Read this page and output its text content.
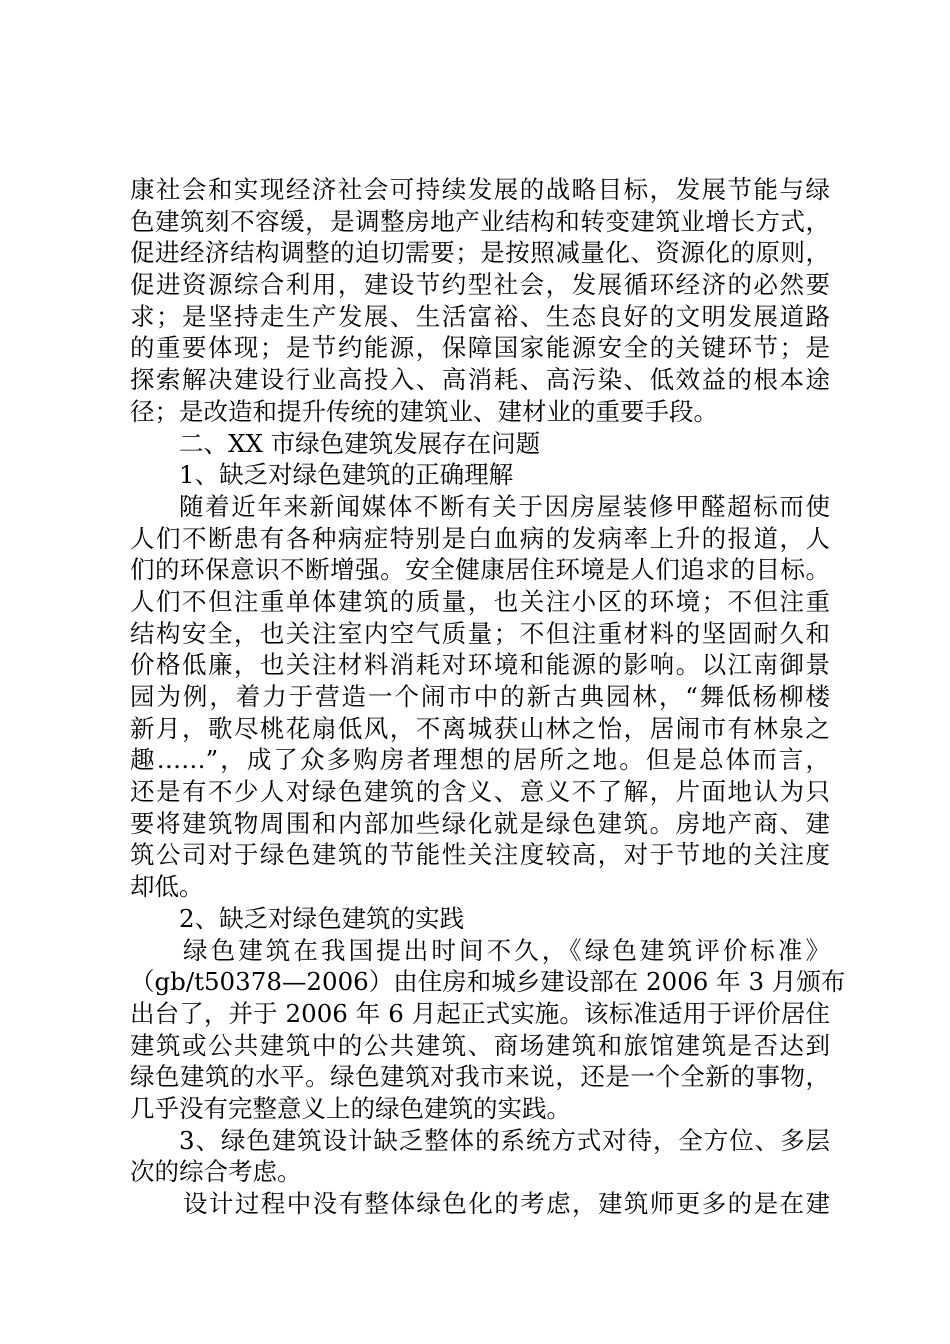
康社会和实现经济社会可持续发展的战略目标，发展节能与绿
色建筑刻不容缓，是调整房地产业结构和转变建筑业增长方式，
促进经济结构调整的迫切需要；是按照减量化、资源化的原则，
促进资源综合利用，建设节约型社会，发展循环经济的必然要
求；是坚持走生产发展、生活富裕、生态良好的文明发展道路
的重要体现；是节约能源，保障国家能源安全的关键环节；是
探索解决建设行业高投入、高消耗、高污染、低效益的根本途
径；是改造和提升传统的建筑业、建材业的重要手段。
二、XX 市绿色建筑发展存在问题
1、缺乏对绿色建筑的正确理解
随着近年来新闻媒体不断有关于因房屋装修甲醛超标而使
人们不断患有各种病症特别是白血病的发病率上升的报道，人
们的环保意识不断增强。安全健康居住环境是人们追求的目标。
人们不但注重单体建筑的质量，也关注小区的环境；不但注重
结构安全，也关注室内空气质量；不但注重材料的坚固耐久和
价格低廉，也关注材料消耗对环境和能源的影响。以江南御景
园为例，着力于营造一个闹市中的新古典园林，“舞低杨柳楼
新月，歌尽桃花扇低风，不离城获山林之怡，居闹市有林泉之
趣……”，成了众多购房者理想的居所之地。但是总体而言，
还是有不少人对绿色建筑的含义、意义不了解，片面地认为只
要将建筑物周围和内部加些绿化就是绿色建筑。房地产商、建
筑公司对于绿色建筑的节能性关注度较高，对于节地的关注度
却低。
2、缺乏对绿色建筑的实践
绿色建筑在我国提出时间不久，《绿色建筑评价标准》
（gb/t50378—2006）由住房和城乡建设部在 2006 年 3 月颁布
出台了，并于 2006 年 6 月起正式实施。该标准适用于评价居住
建筑或公共建筑中的公共建筑、商场建筑和旅馆建筑是否达到
绿色建筑的水平。绿色建筑对我市来说，还是一个全新的事物，
几乎没有完整意义上的绿色建筑的实践。
3、绿色建筑设计缺乏整体的系统方式对待，全方位、多层
次的综合考虑。
设计过程中没有整体绿色化的考虑，建筑师更多的是在建
